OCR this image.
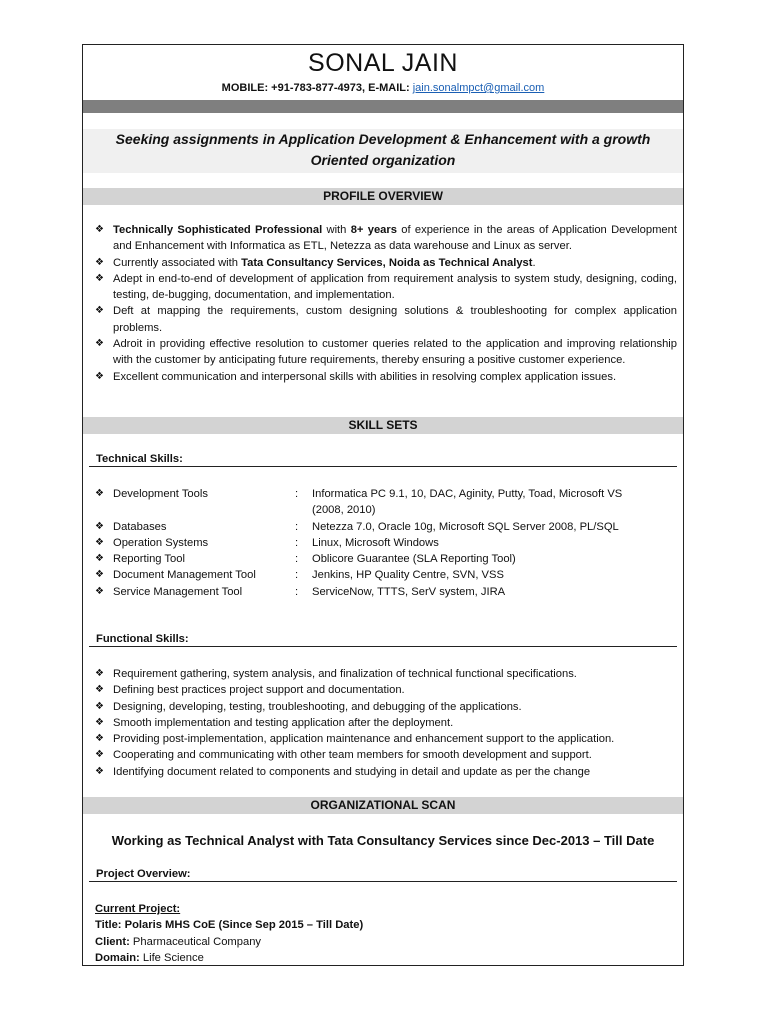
SONAL JAIN
MOBILE: +91-783-877-4973, E-MAIL: jain.sonalmpct@gmail.com
Seeking assignments in Application Development & Enhancement with a growth
Oriented organization
PROFILE OVERVIEW
❖ Technically Sophisticated Professional with 8+ years of experience in the areas of Application Development and Enhancement with Informatica as ETL, Netezza as data warehouse and Linux as server.
❖ Currently associated with Tata Consultancy Services, Noida as Technical Analyst.
❖ Adept in end-to-end of development of application from requirement analysis to system study, designing, coding, testing, de-bugging, documentation, and implementation.
❖ Deft at mapping the requirements, custom designing solutions & troubleshooting for complex application problems.
❖ Adroit in providing effective resolution to customer queries related to the application and improving relationship with the customer by anticipating future requirements, thereby ensuring a positive customer experience.
❖ Excellent communication and interpersonal skills with abilities in resolving complex application issues.
SKILL SETS
Technical Skills:
❖ Development Tools	:	Informatica PC 9.1, 10, DAC, Aginity, Putty, Toad, Microsoft VS (2008, 2010)
❖ Databases	:	Netezza 7.0, Oracle 10g, Microsoft SQL Server 2008, PL/SQL
❖ Operation Systems	:	Linux, Microsoft Windows
❖ Reporting Tool	:	Oblicore Guarantee (SLA Reporting Tool)
❖ Document Management Tool	:	Jenkins, HP Quality Centre, SVN, VSS
❖ Service Management Tool	:	ServiceNow, TTTS, SerV system, JIRA
Functional Skills:
❖ Requirement gathering, system analysis, and finalization of technical functional specifications.
❖ Defining best practices project support and documentation.
❖ Designing, developing, testing, troubleshooting, and debugging of the applications.
❖ Smooth implementation and testing application after the deployment.
❖ Providing post-implementation, application maintenance and enhancement support to the application.
❖ Cooperating and communicating with other team members for smooth development and support.
❖ Identifying document related to components and studying in detail and update as per the change
ORGANIZATIONAL SCAN
Working as Technical Analyst with Tata Consultancy Services since Dec-2013 – Till Date
Project Overview:
Current Project:
Title: Polaris MHS CoE (Since Sep 2015 – Till Date)
Client: Pharmaceutical Company
Domain: Life Science
